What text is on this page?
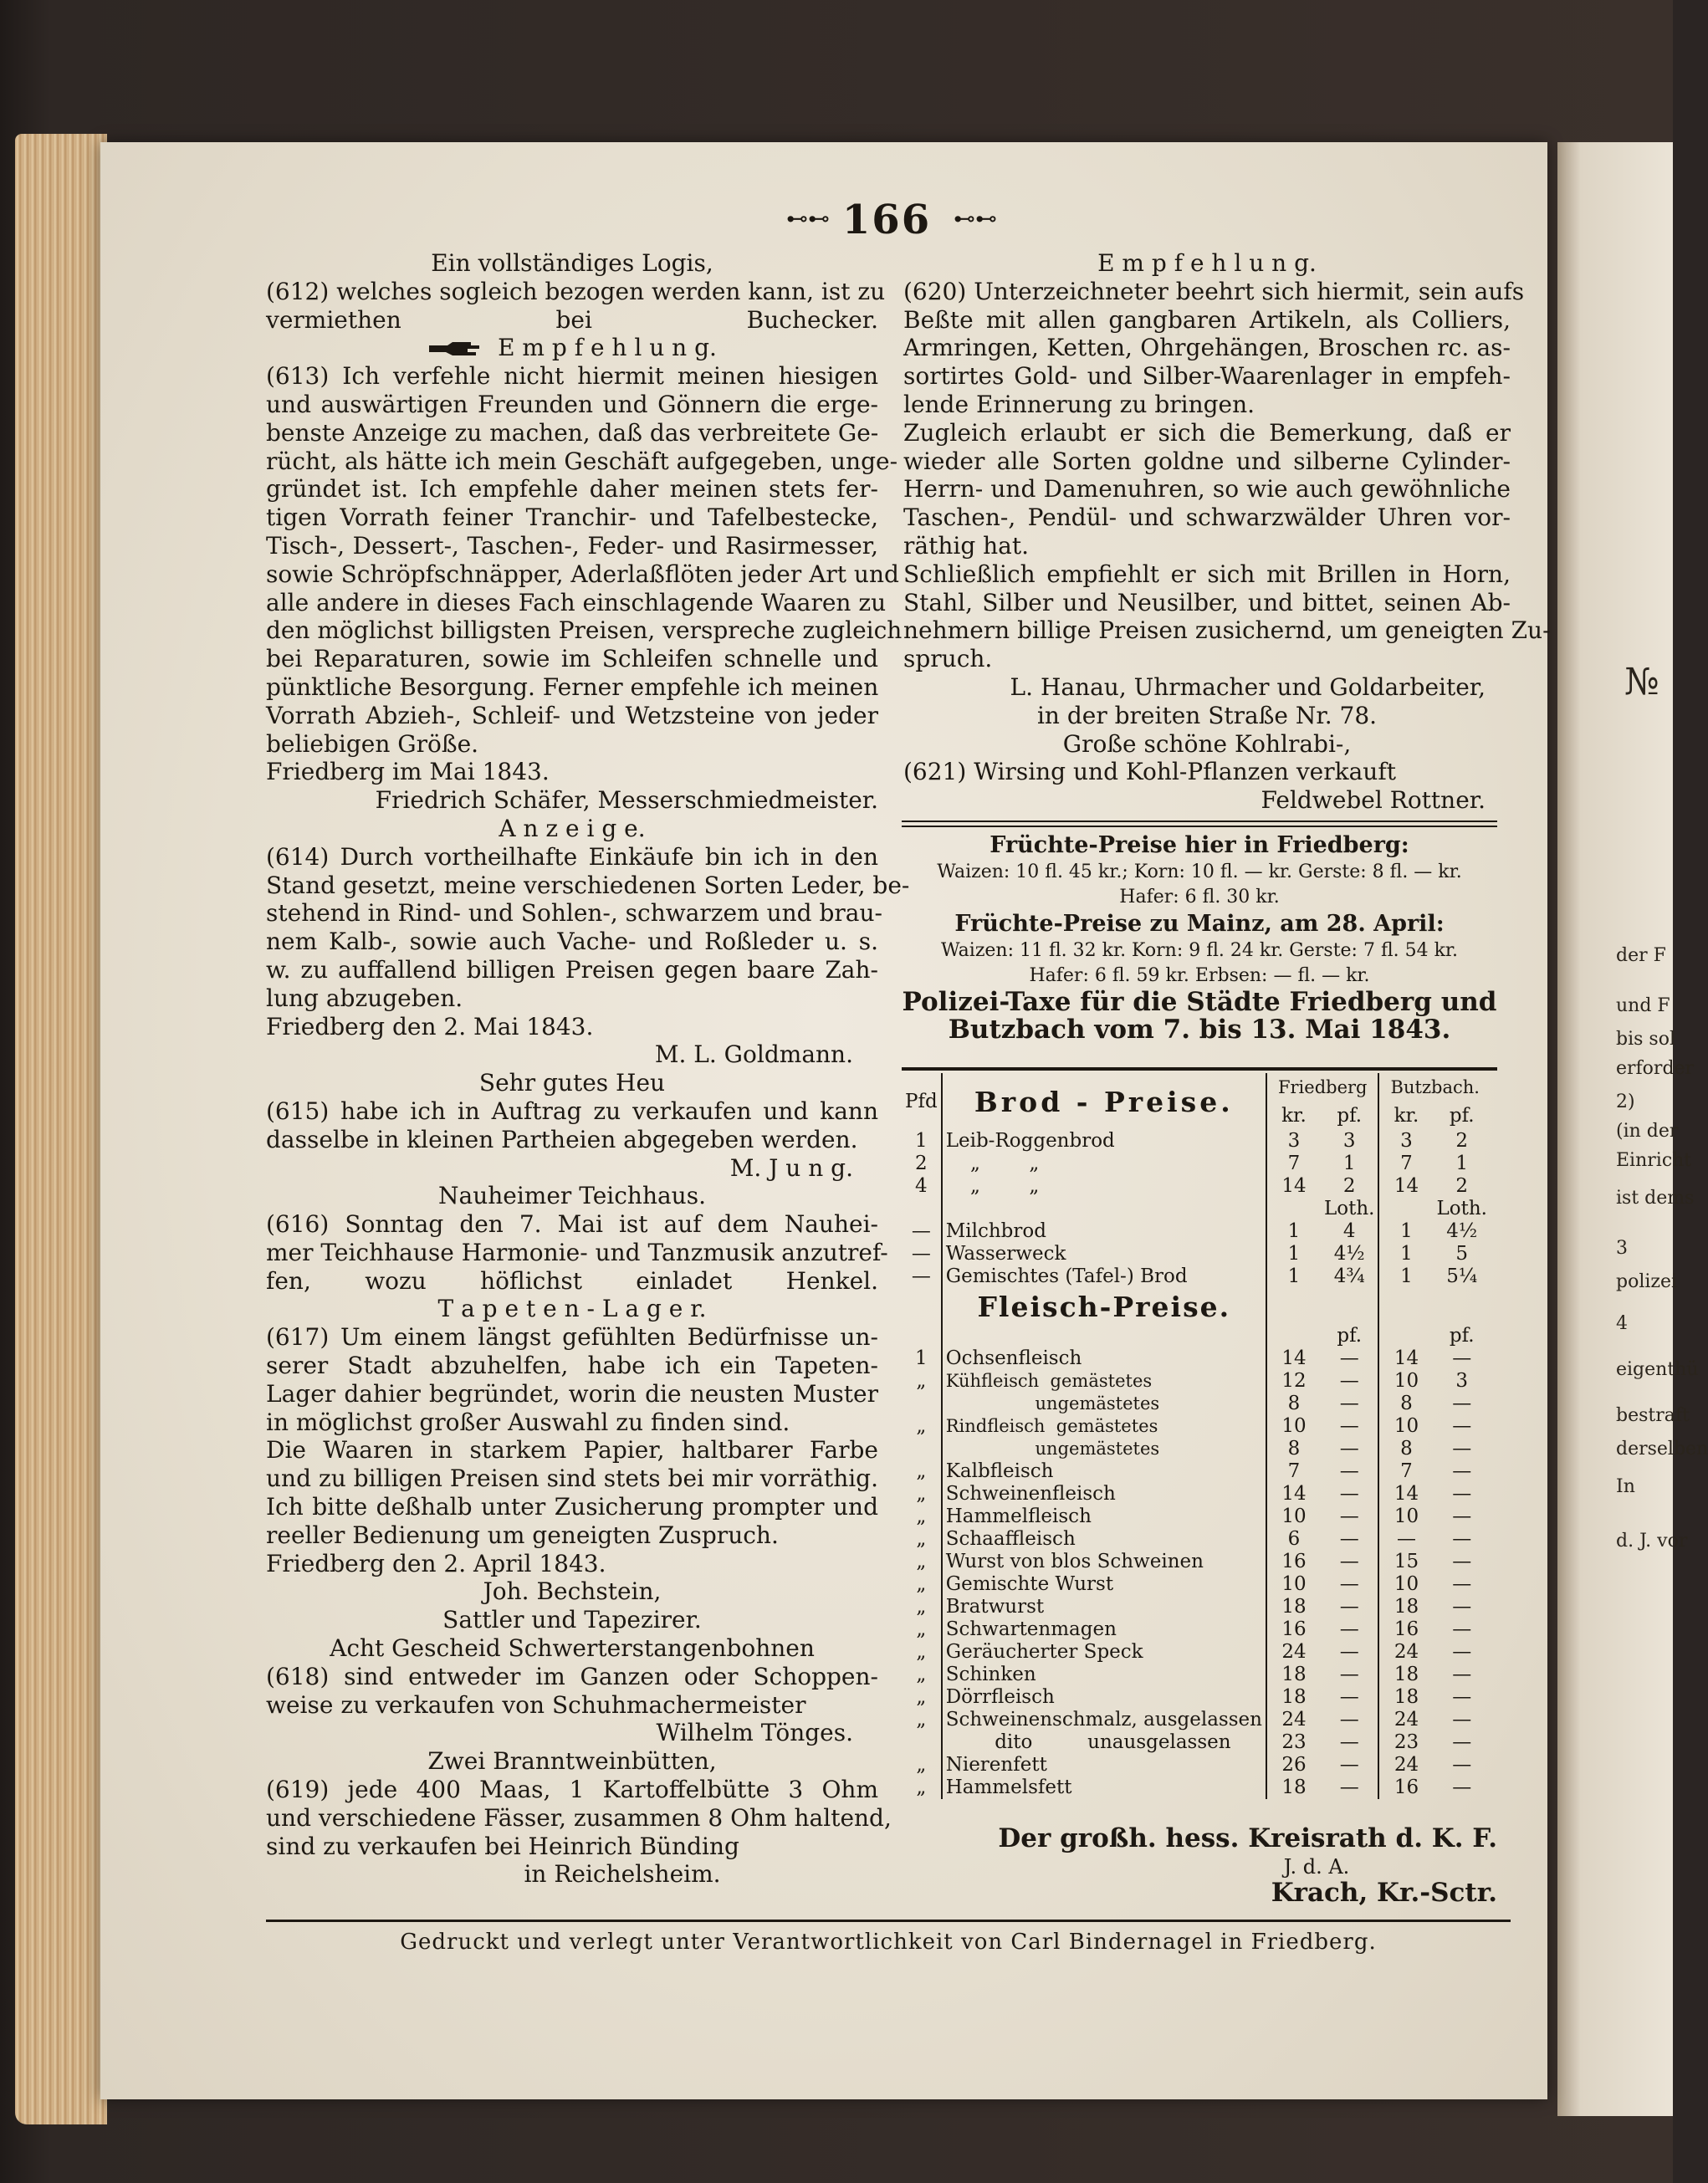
№
der F
und F
bis sol
erforder
2)
(in der
Einricht
ist dems
3
polizei
4
eigenthü
bestraft
derselben
In
d. J. vor
⊷⊷ 166 ⊷⊷
Ein vollständiges Logis,
(612) welches sogleich bezogen werden kann, ist zu
vermiethen bei Buchecker.
E m p f e h l u n g.
(613) Ich verfehle nicht hiermit meinen hiesigen
und auswärtigen Freunden und Gönnern die erge-
benste Anzeige zu machen, daß das verbreitete Ge-
rücht, als hätte ich mein Geschäft aufgegeben, unge-
gründet ist. Ich empfehle daher meinen stets fer-
tigen Vorrath feiner Tranchir- und Tafelbestecke,
Tisch-, Dessert-, Taschen-, Feder- und Rasirmesser,
sowie Schröpfschnäpper, Aderlaßflöten jeder Art und
alle andere in dieses Fach einschlagende Waaren zu
den möglichst billigsten Preisen, verspreche zugleich
bei Reparaturen, sowie im Schleifen schnelle und
pünktliche Besorgung. Ferner empfehle ich meinen
Vorrath Abzieh-, Schleif- und Wetzsteine von jeder
beliebigen Größe.
Friedberg im Mai 1843.
Friedrich Schäfer, Messerschmiedmeister.
A n z e i g e.
(614) Durch vortheilhafte Einkäufe bin ich in den
Stand gesetzt, meine verschiedenen Sorten Leder, be-
stehend in Rind- und Sohlen-, schwarzem und brau-
nem Kalb-, sowie auch Vache- und Roßleder u. s.
w. zu auffallend billigen Preisen gegen baare Zah-
lung abzugeben.
Friedberg den 2. Mai 1843.
M. L. Goldmann.
Sehr gutes Heu
(615) habe ich in Auftrag zu verkaufen und kann
dasselbe in kleinen Partheien abgegeben werden.
M. J u n g.
Nauheimer Teichhaus.
(616) Sonntag den 7. Mai ist auf dem Nauhei-
mer Teichhause Harmonie- und Tanzmusik anzutref-
fen, wozu höflichst einladet Henkel.
T a p e t e n - L a g e r.
(617) Um einem längst gefühlten Bedürfnisse un-
serer Stadt abzuhelfen, habe ich ein Tapeten-
Lager dahier begründet, worin die neusten Muster
in möglichst großer Auswahl zu finden sind.
Die Waaren in starkem Papier, haltbarer Farbe
und zu billigen Preisen sind stets bei mir vorräthig.
Ich bitte deßhalb unter Zusicherung prompter und
reeller Bedienung um geneigten Zuspruch.
Friedberg den 2. April 1843.
Joh. Bechstein,
Sattler und Tapezirer.
Acht Gescheid Schwerterstangenbohnen
(618) sind entweder im Ganzen oder Schoppen-
weise zu verkaufen von Schuhmachermeister
Wilhelm Tönges.
Zwei Branntweinbütten,
(619) jede 400 Maas, 1 Kartoffelbütte 3 Ohm
und verschiedene Fässer, zusammen 8 Ohm haltend,
sind zu verkaufen bei Heinrich Bünding
in Reichelsheim.
E m p f e h l u n g.
(620) Unterzeichneter beehrt sich hiermit, sein aufs
Beßte mit allen gangbaren Artikeln, als Colliers,
Armringen, Ketten, Ohrgehängen, Broschen rc. as-
sortirtes Gold- und Silber-Waarenlager in empfeh-
lende Erinnerung zu bringen.
Zugleich erlaubt er sich die Bemerkung, daß er
wieder alle Sorten goldne und silberne Cylinder-
Herrn- und Damenuhren, so wie auch gewöhnliche
Taschen-, Pendül- und schwarzwälder Uhren vor-
räthig hat.
Schließlich empfiehlt er sich mit Brillen in Horn,
Stahl, Silber und Neusilber, und bittet, seinen Ab-
nehmern billige Preisen zusichernd, um geneigten Zu-
spruch.
L. Hanau, Uhrmacher und Goldarbeiter,
in der breiten Straße Nr. 78.
Große schöne Kohlrabi-,
(621) Wirsing und Kohl-Pflanzen verkauft
Feldwebel Rottner.
Früchte-Preise hier in Friedberg:
Waizen: 10 fl. 45 kr.; Korn: 10 fl. — kr. Gerste: 8 fl. — kr.
Hafer: 6 fl. 30 kr.
Früchte-Preise zu Mainz, am 28. April:
Waizen: 11 fl. 32 kr. Korn: 9 fl. 24 kr. Gerste: 7 fl. 54 kr.
Hafer: 6 fl. 59 kr. Erbsen: — fl. — kr.
Polizei-Taxe für die Städte Friedberg und
Butzbach vom 7. bis 13. Mai 1843.
Pfd	Brod - Preise.	Friedberg		Butzbach.	
		kr.	pf.	kr.	pf.
1	Leib-Roggenbrod	3	3	3	2
2	„        „	7	1	7	1
4	„        „	14	2	14	2
			Loth.		Loth.
—	Milchbrod	1	4	1	4½
—	Wasserweck	1	4½	1	5
—	Gemischtes (Tafel-) Brod	1	4¾	1	5¼
	Fleisch-Preise.				
			pf.		pf.
1	Ochsenfleisch	14	—	14	—
„	Kühfleisch  gemästetes	12	—	10	3
	ungemästetes	8	—	8	—
„	Rindfleisch  gemästetes	10	—	10	—
	ungemästetes	8	—	8	—
„	Kalbfleisch	7	—	7	—
„	Schweinenfleisch	14	—	14	—
„	Hammelfleisch	10	—	10	—
„	Schaaffleisch	6	—	—	—
„	Wurst von blos Schweinen	16	—	15	—
„	Gemischte Wurst	10	—	10	—
„	Bratwurst	18	—	18	—
„	Schwartenmagen	16	—	16	—
„	Geräucherter Speck	24	—	24	—
„	Schinken	18	—	18	—
„	Dörrfleisch	18	—	18	—
„	Schweinenschmalz, ausgelassen	24	—	24	—
	dito         unausgelassen	23	—	23	—
„	Nierenfett	26	—	24	—
„	Hammelsfett	18	—	16	—
Der großh. hess. Kreisrath d. K. F.
J. d. A.
Krach, Kr.-Sctr.
Gedruckt und verlegt unter Verantwortlichkeit von Carl Bindernagel in Friedberg.
